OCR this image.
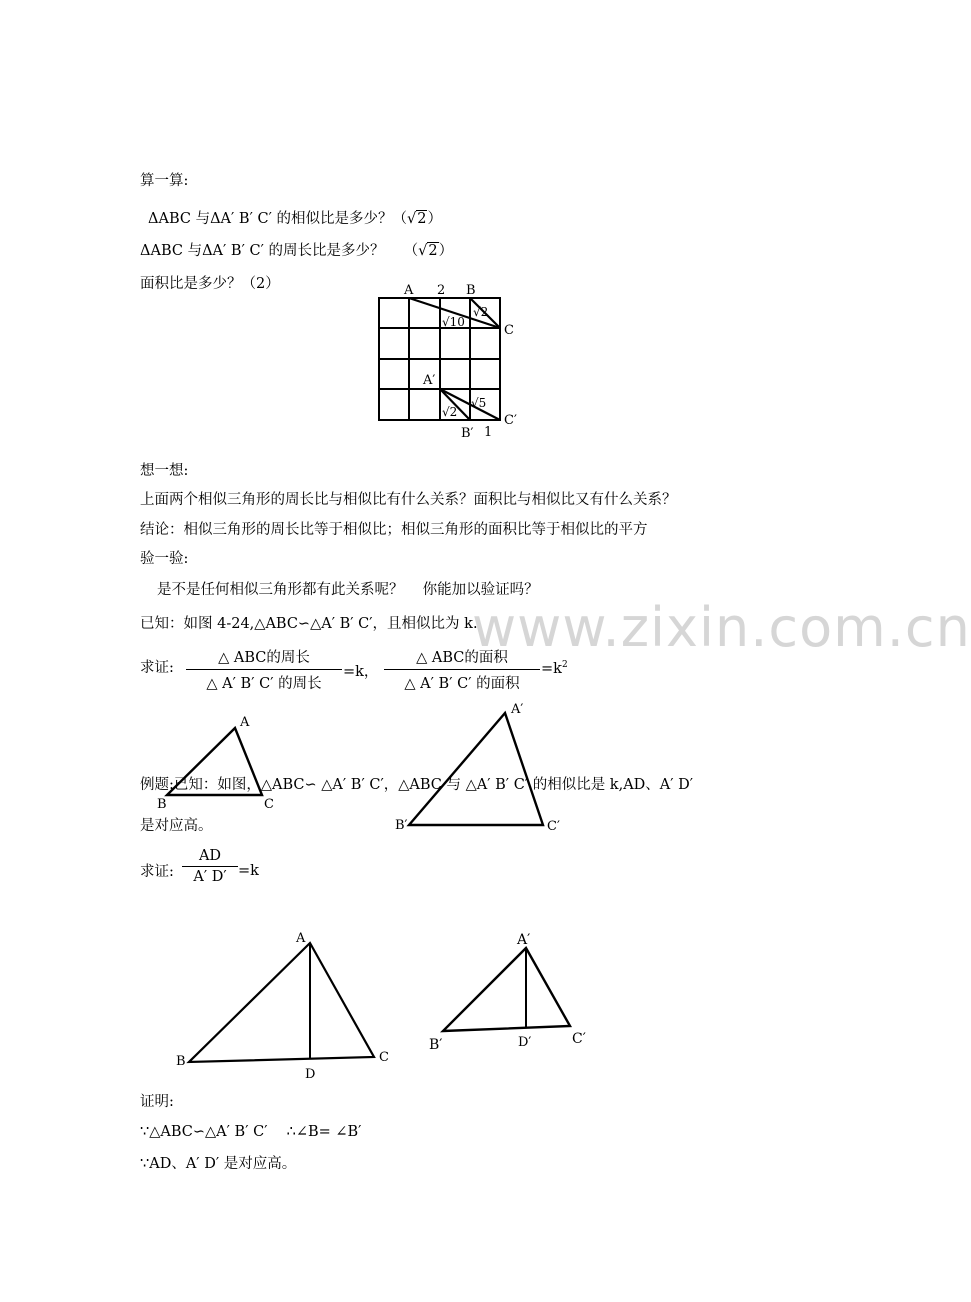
www.zixin.com.cn
算一算:
ΔABC 与ΔA′ B′ C′ 的相似比是多少？（√2）
ΔABC 与ΔA′ B′ C′ 的周长比是多少？　 （√2）
面积比是多少？（2）	A 2 B
C
√10
√2
A′
√2
√5
C′
B′ 1
想一想:
上面两个相似三角形的周长比与相似比有什么关系？面积比与相似比又有什么关系？
结论：相似三角形的周长比等于相似比；相似三角形的面积比等于相似比的平方
验一验:
是不是任何相似三角形都有此关系呢？　 你能加以验证吗？
已知：如图 4-24,△ABC∽△A′ B′ C′，且相似比为 k.
求证:
△ ABC的周长
△ A′ B′ C′ 的周长
=k，
△ ABC的面积
△ A′ B′ C′ 的面积
$=k^2$
A
B	C
A′
B′	C′
例题:已知：如图，△ABC∽ △A′ B′ C′，△ABC 与 △A′ B′ C′ 的相似比是 k,AD、A′ D′
是对应高。
求证: $\frac{AD}{A' D'} =k$
A
B	C
D
A′
B′	C′
D′
证明:
∵△ABC∽△A′ B′ C′　 ∴∠B= ∠B′
∵AD、A′ D′ 是对应高。
